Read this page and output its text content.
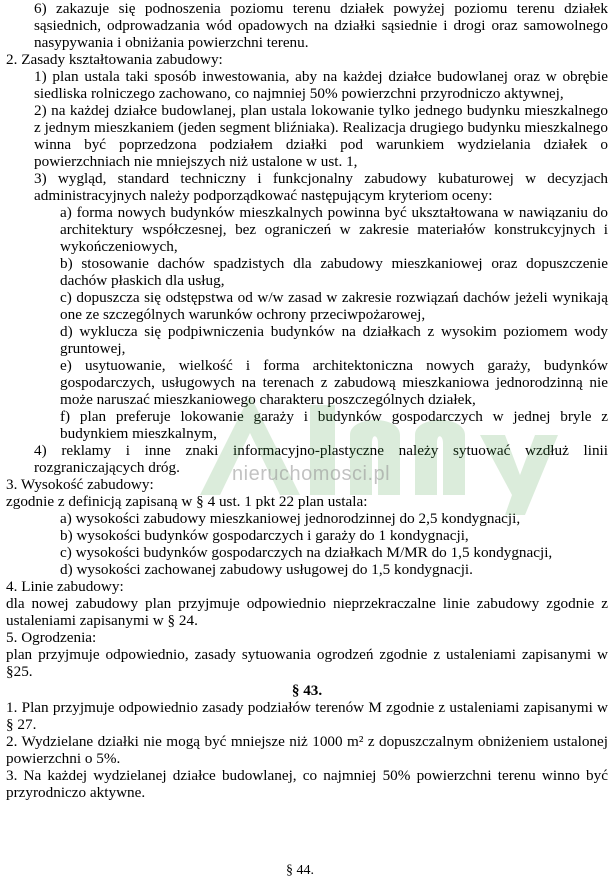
6) zakazuje się podnoszenia poziomu terenu działek powyżej poziomu terenu działek sąsiednich, odprowadzania wód opadowych na działki sąsiednie i drogi oraz samowolnego nasypywania i obniżania powierzchni terenu.

2. Zasady kształtowania zabudowy:

1) plan ustala taki sposób inwestowania, aby na każdej działce budowlanej oraz w obrębie siedliska rolniczego zachowano, co najmniej 50% powierzchni przyrodniczo aktywnej,

2) na każdej działce budowlanej, plan ustala lokowanie tylko jednego budynku mieszkalnego z jednym mieszkaniem (jeden segment bliźniaka). Realizacja drugiego budynku mieszkalnego winna być poprzedzona podziałem działki pod warunkiem wydzielania działek o powierzchniach nie mniejszych niż ustalone w ust. 1,

3) wygląd, standard techniczny i funkcjonalny zabudowy kubaturowej w decyzjach administracyjnych należy podporządkować następującym kryteriom oceny:

a) forma nowych budynków mieszkalnych powinna być ukształtowana w nawiązaniu do architektury współczesnej, bez ograniczeń w zakresie materiałów konstrukcyjnych i wykończeniowych,

b) stosowanie dachów spadzistych dla zabudowy mieszkaniowej oraz dopuszczenie dachów płaskich dla usług,

c) dopuszcza się odstępstwa od w/w zasad w zakresie rozwiązań dachów jeżeli wynikają one ze szczególnych warunków ochrony przeciwpożarowej,

d) wyklucza się podpiwniczenia budynków na działkach z wysokim poziomem wody gruntowej,

e) usytuowanie, wielkość i forma architektoniczna nowych garaży, budynków gospodarczych, usługowych na terenach z zabudową mieszkaniowa jednorodzinną nie może naruszać mieszkaniowego charakteru poszczególnych działek,

f) plan preferuje lokowanie garaży i budynków gospodarczych w jednej bryle z budynkiem mieszkalnym,

4) reklamy i inne znaki informacyjno-plastyczne należy sytuować wzdłuż linii rozgraniczających dróg.

3. Wysokość zabudowy:

zgodnie z definicją zapisaną w § 4 ust. 1 pkt 22 plan ustala:

a) wysokości zabudowy mieszkaniowej jednorodzinnej do 2,5 kondygnacji,

b) wysokości budynków gospodarczych i garaży do 1 kondygnacji,

c) wysokości budynków gospodarczych na działkach M/MR do 1,5 kondygnacji,

d) wysokości zachowanej zabudowy usługowej do 1,5 kondygnacji.

4. Linie zabudowy:

dla nowej zabudowy plan przyjmuje odpowiednio nieprzekraczalne linie zabudowy zgodnie z ustaleniami zapisanymi w § 24.

5. Ogrodzenia:

plan przyjmuje odpowiednio, zasady sytuowania ogrodzeń zgodnie z ustaleniami zapisanymi w §25.

§ 43.

1. Plan przyjmuje odpowiednio zasady podziałów terenów M zgodnie z ustaleniami zapisanymi w § 27.

2. Wydzielane działki nie mogą być mniejsze niż 1000 m² z dopuszczalnym obniżeniem ustalonej powierzchni o 5%.

3. Na każdej wydzielanej działce budowlanej, co najmniej 50% powierzchni terenu winno być przyrodniczo aktywne.

nieruchomosci.pl
§ 44.
